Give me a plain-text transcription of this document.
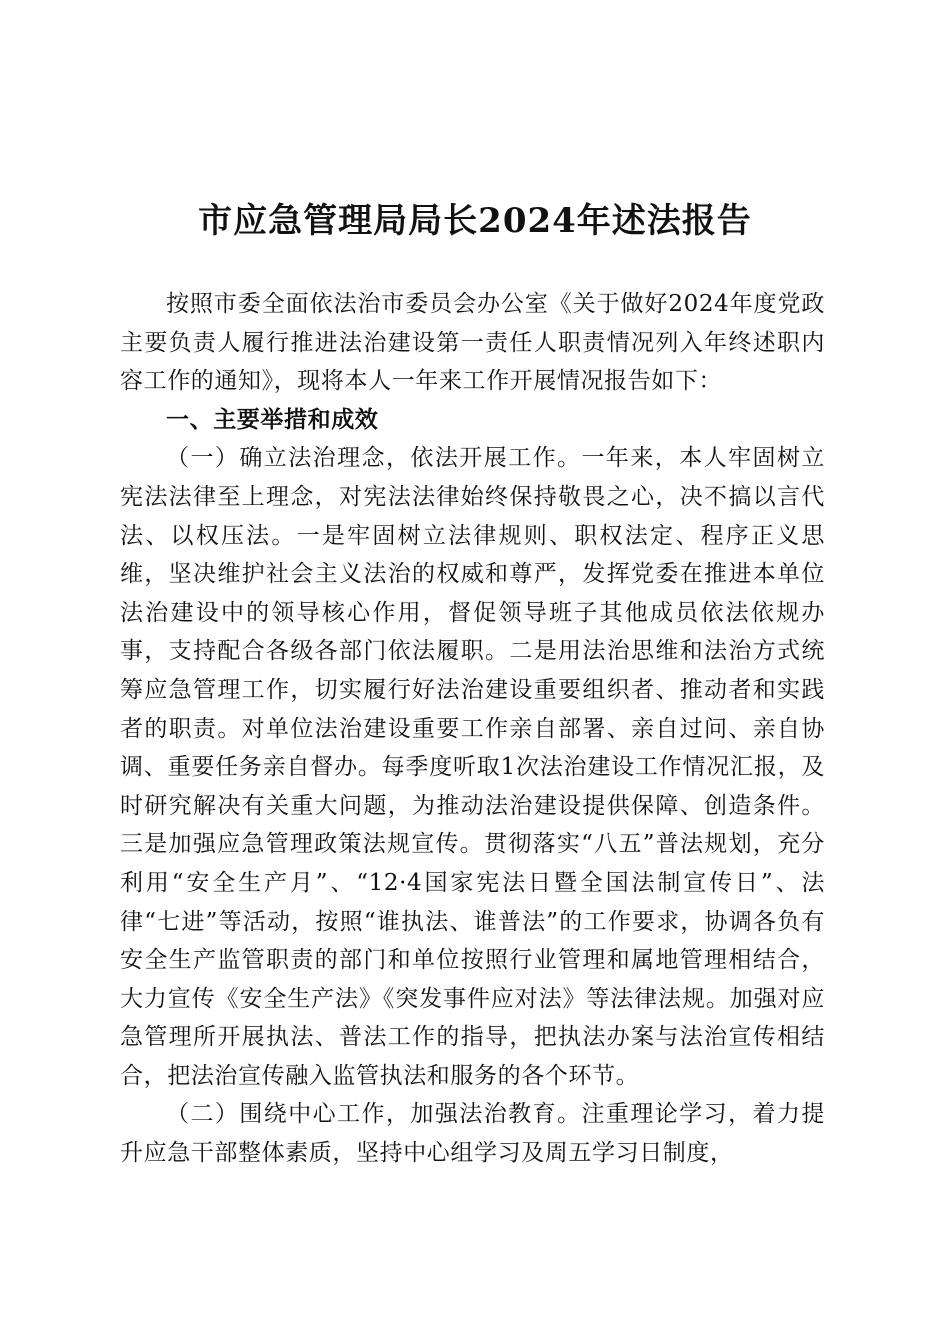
市应急管理局局长2024年述法报告

按照市委全面依法治市委员会办公室《关于做好2024年度党政主要负责人履行推进法治建设第一责任人职责情况列入年终述职内容工作的通知》，现将本人一年来工作开展情况报告如下：

一、主要举措和成效

（一）确立法治理念，依法开展工作。一年来，本人牢固树立宪法法律至上理念，对宪法法律始终保持敬畏之心，决不搞以言代法、以权压法。一是牢固树立法律规则、职权法定、程序正义思维，坚决维护社会主义法治的权威和尊严，发挥党委在推进本单位法治建设中的领导核心作用，督促领导班子其他成员依法依规办事，支持配合各级各部门依法履职。二是用法治思维和法治方式统筹应急管理工作，切实履行好法治建设重要组织者、推动者和实践者的职责。对单位法治建设重要工作亲自部署、亲自过问、亲自协调、重要任务亲自督办。每季度听取1次法治建设工作情况汇报，及时研究解决有关重大问题，为推动法治建设提供保障、创造条件。三是加强应急管理政策法规宣传。贯彻落实“八五”普法规划，充分利用“安全生产月”、“12·4国家宪法日暨全国法制宣传日”、法律“七进”等活动，按照“谁执法、谁普法”的工作要求，协调各负有安全生产监管职责的部门和单位按照行业管理和属地管理相结合，大力宣传《安全生产法》《突发事件应对法》等法律法规。加强对应急管理所开展执法、普法工作的指导，把执法办案与法治宣传相结合，把法治宣传融入监管执法和服务的各个环节。

（二）围绕中心工作，加强法治教育。注重理论学习，着力提升应急干部整体素质，坚持中心组学习及周五学习日制度，
